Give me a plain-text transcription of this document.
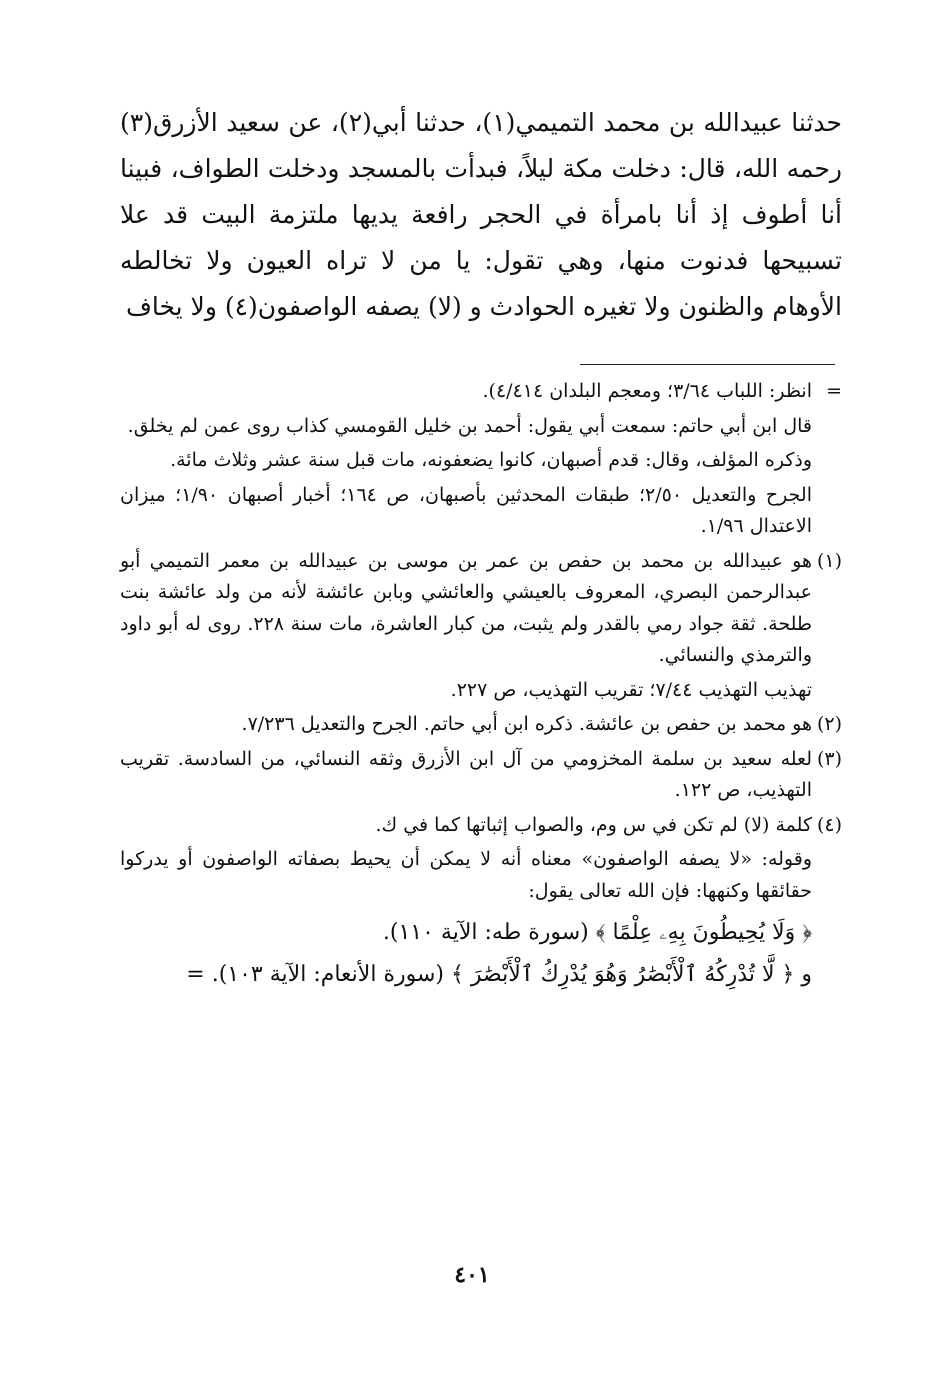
حدثنا عبيدالله بن محمد التميمي(١)، حدثنا أبي(٢)، عن سعيد الأزرق(٣) رحمه الله، قال: دخلت مكة ليلاً، فبدأت بالمسجد ودخلت الطواف، فبينا أنا أطوف إذ أنا بامرأة في الحجر رافعة يديها ملتزمة البيت قد علا تسبيحها فدنوت منها، وهي تقول: يا من لا تراه العيون ولا تخالطه الأوهام والظنون ولا تغيره الحوادث و (لا) يصفه الواصفون(٤) ولا يخاف

=

انظر: اللباب ٣/٦٤؛ ومعجم البلدان ٤/٤١٤).

قال ابن أبي حاتم: سمعت أبي يقول: أحمد بن خليل القومسي كذاب روى عمن لم يخلق.

وذكره المؤلف، وقال: قدم أصبهان، كانوا يضعفونه، مات قبل سنة عشر وثلاث مائة.

الجرح والتعديل ٢/٥٠؛ طبقات المحدثين بأصبهان، ص ١٦٤؛ أخبار أصبهان ١/٩٠؛ ميزان الاعتدال ١/٩٦.

(١)

هو عبيدالله بن محمد بن حفص بن عمر بن موسى بن عبيدالله بن معمر التميمي أبو عبدالرحمن البصري، المعروف بالعيشي والعائشي وبابن عائشة لأنه من ولد عائشة بنت طلحة. ثقة جواد رمي بالقدر ولم يثبت، من كبار العاشرة، مات سنة ٢٢٨. روى له أبو داود والترمذي والنسائي.

تهذيب التهذيب ٧/٤٤؛ تقريب التهذيب، ص ٢٢٧.

(٢)

هو محمد بن حفص بن عائشة. ذكره ابن أبي حاتم. الجرح والتعديل ٧/٢٣٦.

(٣)

لعله سعيد بن سلمة المخزومي من آل ابن الأزرق وثقه النسائي، من السادسة. تقريب التهذيب، ص ١٢٢.

(٤)

كلمة (لا) لم تكن في س وم، والصواب إثباتها كما في ك.

وقوله: «لا يصفه الواصفون» معناه أنه لا يمكن أن يحيط بصفاته الواصفون أو يدركوا حقائقها وكنهها: فإن الله تعالى يقول:

﴿ وَلَا يُحِيطُونَ بِهِۦ عِلْمًا ﴾ (سورة طه: الآية ١١٠).

و ﴿ لَّا تُدْرِكُهُ ٱلْأَبْصَٰرُ وَهُوَ يُدْرِكُ ٱلْأَبْصَٰرَ ﴾ (سورة الأنعام: الآية ١٠٣). =

٤٠١
